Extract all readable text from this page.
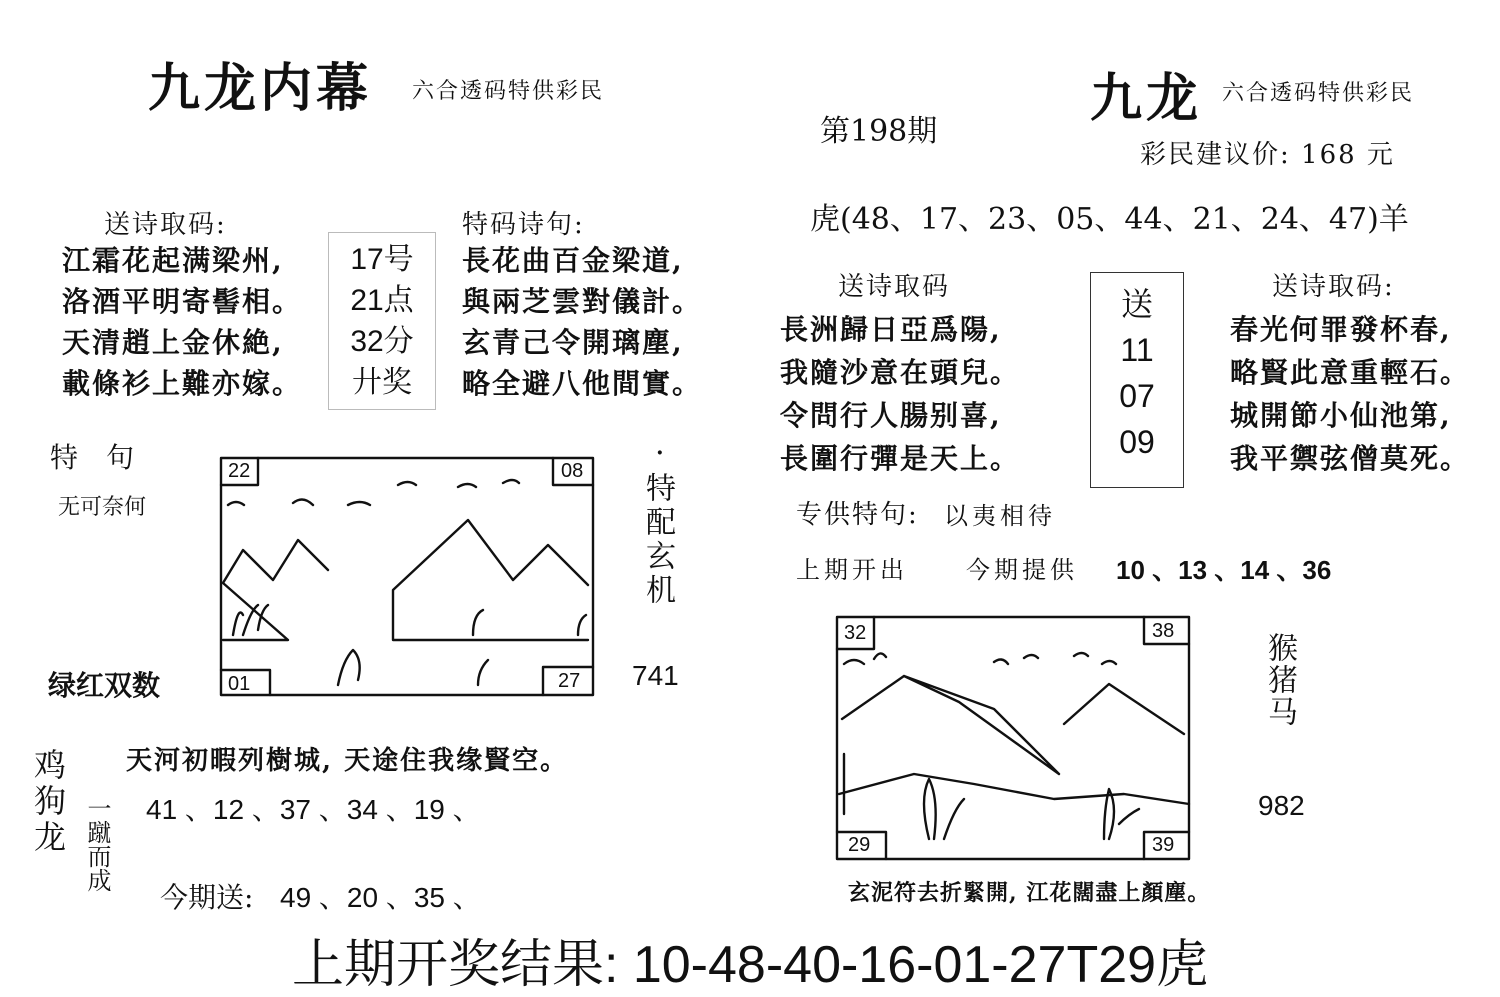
九龙内幕 六合透码特供彩民
送诗取码:
江霜花起满梁州,
洛酒平明寄髻相。
天清趙上金休絶,
載條衫上難亦嫁。
17号
21点
32分
廾奖
特码诗句:
長花曲百金梁道,
與兩芝雲對儀計。
玄青己令開璃塵,
略全避八他間實。
特　句
无可奈何
22	08
01	27
·
特配玄机
绿红双数	741
鸡狗龙 一蹴而成
天河初暇列樹城, 天途住我缘賢空。
41 、12 、37 、34 、19 、
今期送: 49 、20 、35 、
第198期
九龙 六合透码特供彩民
彩民建议价: 168 元
虎(48、17、23、05、44、21、24、47)羊
送诗取码
長洲歸日亞爲陽,
我隨沙意在頭兒。
令問行人腸别喜,
長圍行彈是天上。
送
11
07
09
送诗取码:
春光何罪發杯春,
略賢此意重輕石。
城開節小仙池第,
我平禦弦僧莫死。
专供特句: 以夷相待
上期开出 今期提供 10 、13 、14 、36
32	38
29	39
猴猪马
982
玄泥符去折緊開, 江花闊盡上顏塵。
上期开奖结果: 10-48-40-16-01-27T29虎
